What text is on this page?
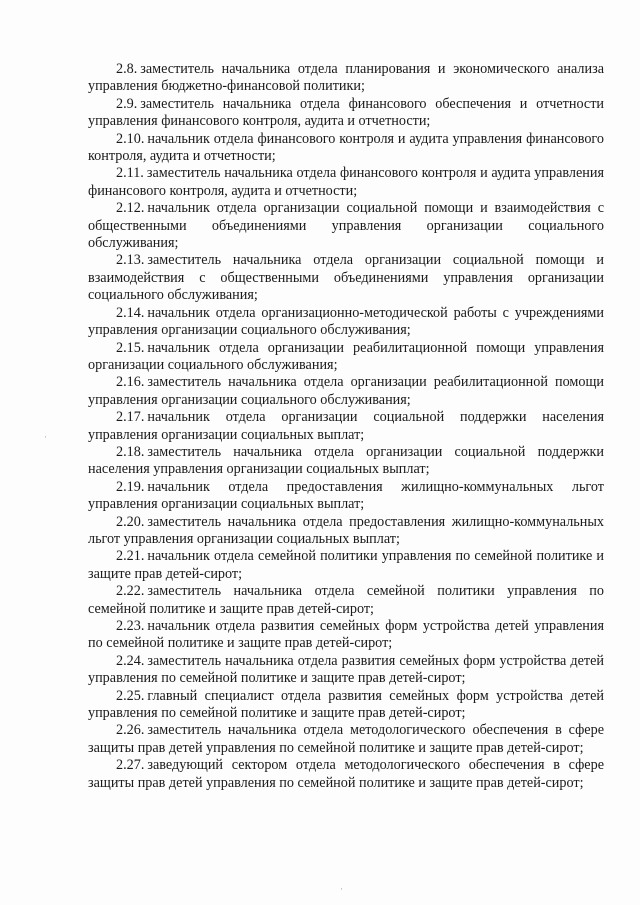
2.8. заместитель начальника отдела планирования и экономического анализа управления бюджетно-финансовой политики;

2.9. заместитель начальника отдела финансового обеспечения и отчетности управления финансового контроля, аудита и отчетности;

2.10. начальник отдела финансового контроля и аудита управления финансового контроля, аудита и отчетности;

2.11. заместитель начальника отдела финансового контроля и аудита управления финансового контроля, аудита и отчетности;

2.12. начальник отдела организации социальной помощи и взаимодействия с общественными объединениями управления организации социального обслуживания;

2.13. заместитель начальника отдела организации социальной помощи и взаимодействия с общественными объединениями управления организации социального обслуживания;

2.14. начальник отдела организационно-методической работы с учреждениями управления организации социального обслуживания;

2.15. начальник отдела организации реабилитационной помощи управления организации социального обслуживания;

2.16. заместитель начальника отдела организации реабилитационной помощи управления организации социального обслуживания;

2.17. начальник отдела организации социальной поддержки населения управления организации социальных выплат;

2.18. заместитель начальника отдела организации социальной поддержки населения управления организации социальных выплат;

2.19. начальник отдела предоставления жилищно-коммунальных льгот управления организации социальных выплат;

2.20. заместитель начальника отдела предоставления жилищно-коммунальных льгот управления организации социальных выплат;

2.21. начальник отдела семейной политики управления по семейной политике и защите прав детей-сирот;

2.22. заместитель начальника отдела семейной политики управления по семейной политике и защите прав детей-сирот;

2.23. начальник отдела развития семейных форм устройства детей управления по семейной политике и защите прав детей-сирот;

2.24. заместитель начальника отдела развития семейных форм устройства детей управления по семейной политике и защите прав детей-сирот;

2.25. главный специалист отдела развития семейных форм устройства детей управления по семейной политике и защите прав детей-сирот;

2.26. заместитель начальника отдела методологического обеспечения в сфере защиты прав детей управления по семейной политике и защите прав детей-сирот;

2.27. заведующий сектором отдела методологического обеспечения в сфере защиты прав детей управления по семейной политике и защите прав детей-сирот;

·
·
